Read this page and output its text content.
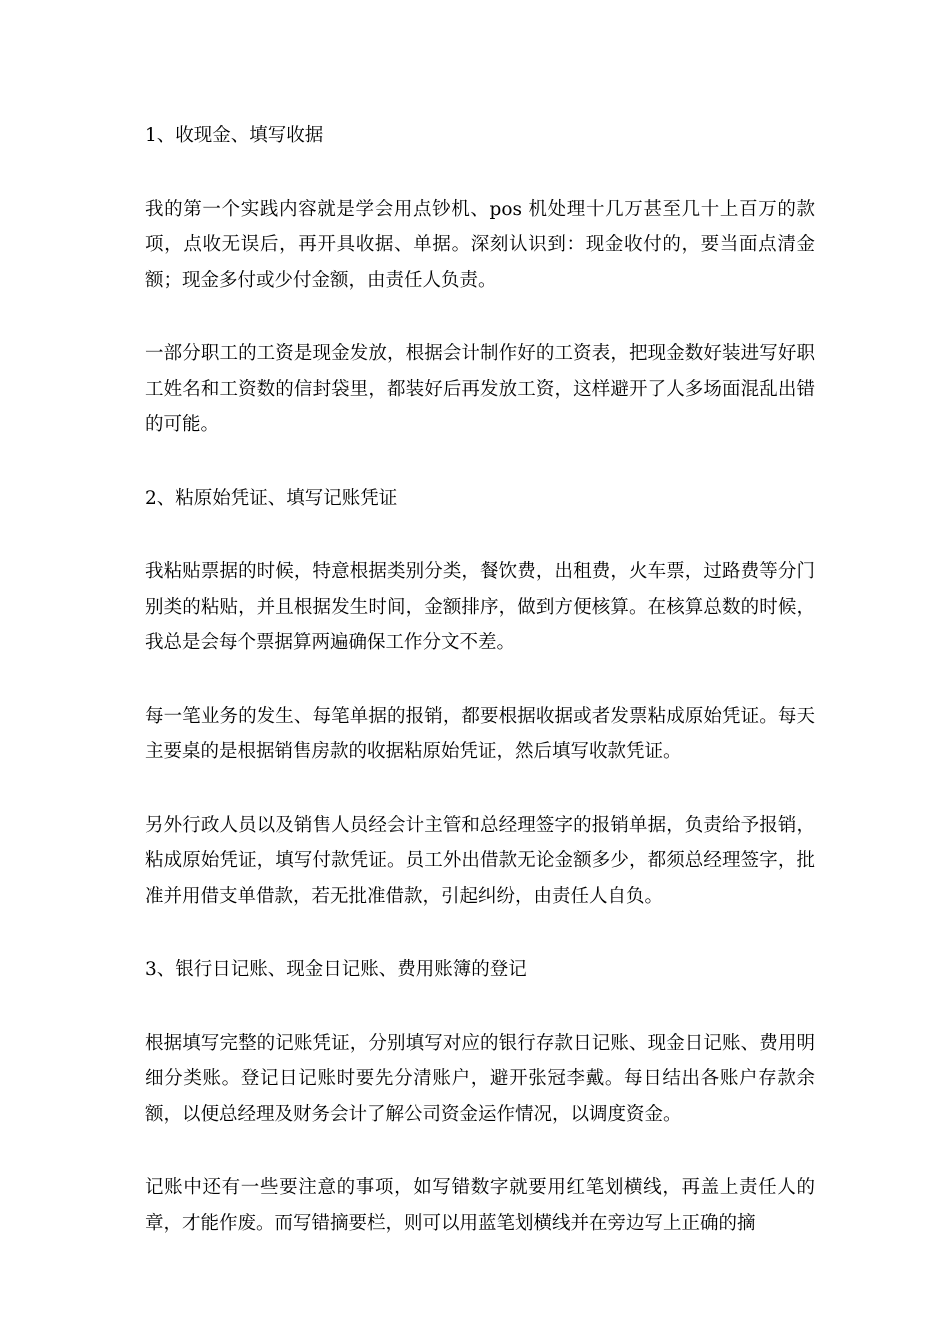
1、收现金、填写收据

我的第一个实践内容就是学会用点钞机、pos 机处理十几万甚至几十上百万的款项，点收无误后，再开具收据、单据。深刻认识到：现金收付的，要当面点清金额；现金多付或少付金额，由责任人负责。

一部分职工的工资是现金发放，根据会计制作好的工资表，把现金数好装进写好职工姓名和工资数的信封袋里，都装好后再发放工资，这样避开了人多场面混乱出错的可能。

2、粘原始凭证、填写记账凭证

我粘贴票据的时候，特意根据类别分类，餐饮费，出租费，火车票，过路费等分门别类的粘贴，并且根据发生时间，金额排序，做到方便核算。在核算总数的时候，我总是会每个票据算两遍确保工作分文不差。

每一笔业务的发生、每笔单据的报销，都要根据收据或者发票粘成原始凭证。每天主要桌的是根据销售房款的收据粘原始凭证，然后填写收款凭证。

另外行政人员以及销售人员经会计主管和总经理签字的报销单据，负责给予报销，粘成原始凭证，填写付款凭证。员工外出借款无论金额多少，都须总经理签字，批准并用借支单借款，若无批准借款，引起纠纷，由责任人自负。

3、银行日记账、现金日记账、费用账簿的登记

根据填写完整的记账凭证，分别填写对应的银行存款日记账、现金日记账、费用明细分类账。登记日记账时要先分清账户，避开张冠李戴。每日结出各账户存款余额，以便总经理及财务会计了解公司资金运作情况，以调度资金。

记账中还有一些要注意的事项，如写错数字就要用红笔划横线，再盖上责任人的章，才能作废。而写错摘要栏，则可以用蓝笔划横线并在旁边写上正确的摘
